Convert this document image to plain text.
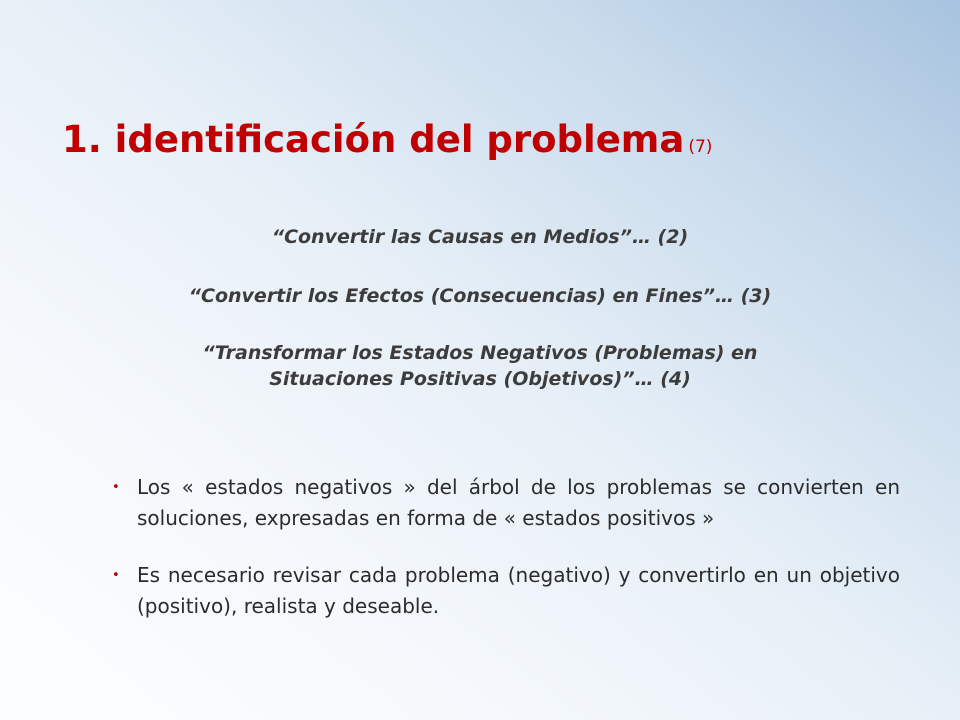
1. identificación del problema (7)
“Convertir las Causas en Medios”… (2)
“Convertir los Efectos (Consecuencias) en Fines”… (3)
“Transformar los Estados Negativos (Problemas) en
Situaciones Positivas (Objetivos)”… (4)
• Los « estados negativos » del árbol de los problemas se convierten en soluciones, expresadas en forma de « estados positivos »
• Es necesario revisar cada problema (negativo) y convertirlo en un objetivo (positivo), realista y deseable.
